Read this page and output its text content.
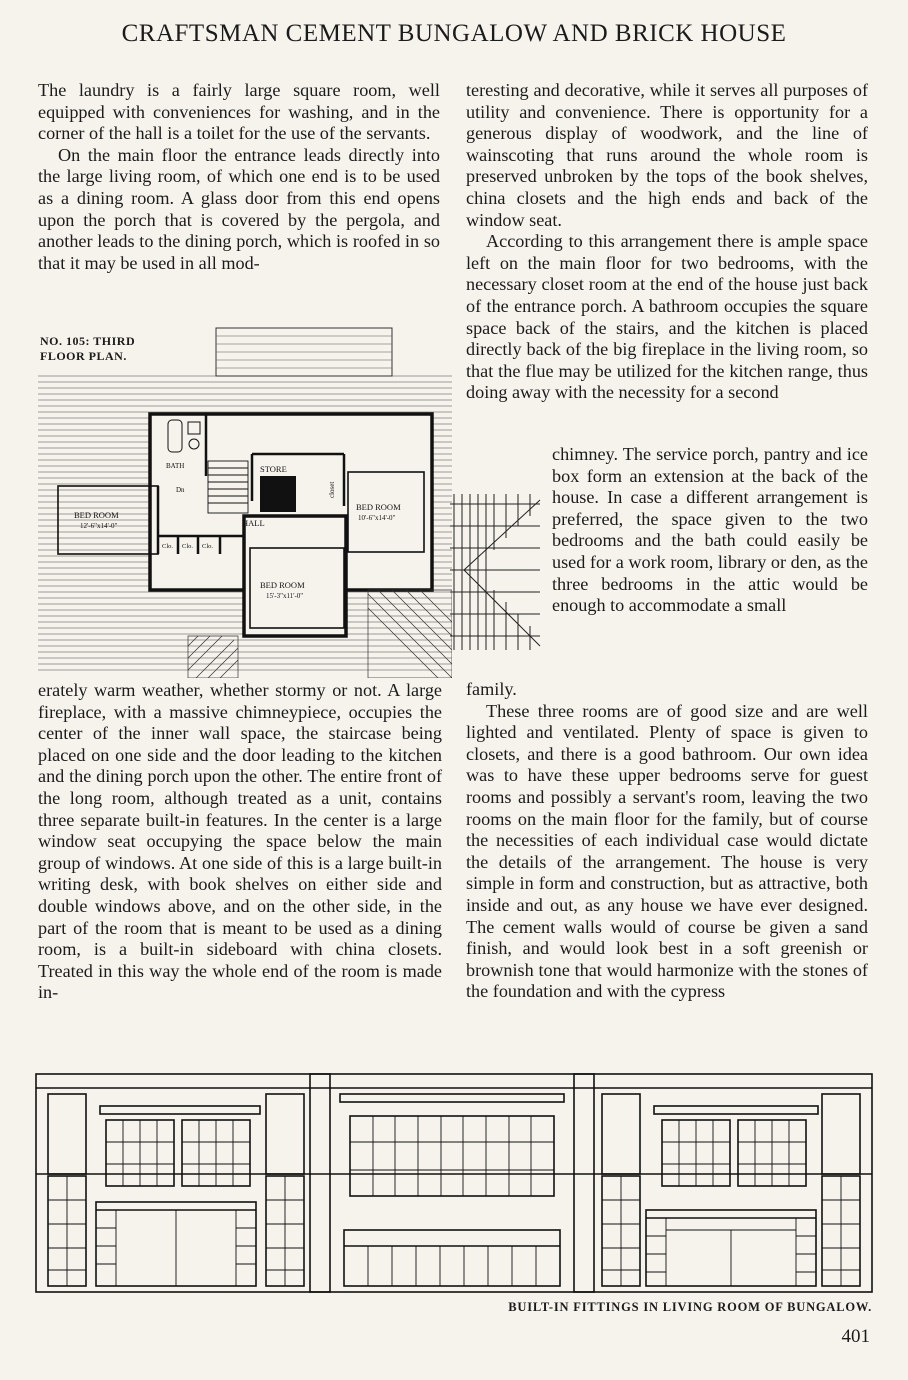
CRAFTSMAN CEMENT BUNGALOW AND BRICK HOUSE

The laundry is a fairly large square room, well equipped with conveniences for washing, and in the corner of the hall is a toilet for the use of the servants.

On the main floor the entrance leads directly into the large living room, of which one end is to be used as a dining room. A glass door from this end opens upon the porch that is covered by the pergola, and another leads to the dining porch, which is roofed in so that it may be used in all mod-

BED ROOM
12'-6"x14'-0"
BED ROOM
10'-6"x14'-0"
BED ROOM
15'-3"x11'-0"
HALL
STORE
closet
BATH
Clo. Clo. Clo.
Dn
NO. 105: THIRD
FLOOR PLAN.

erately warm weather, whether stormy or not. A large fireplace, with a massive chimneypiece, occupies the center of the inner wall space, the staircase being placed on one side and the door leading to the kitchen and the dining porch upon the other. The entire front of the long room, although treated as a unit, contains three separate built-in features. In the center is a large window seat occupying the space below the main group of windows. At one side of this is a large built-in writing desk, with book shelves on either side and double windows above, and on the other side, in the part of the room that is meant to be used as a dining room, is a built-in sideboard with china closets. Treated in this way the whole end of the room is made in-

teresting and decorative, while it serves all purposes of utility and convenience. There is opportunity for a generous display of woodwork, and the line of wainscoting that runs around the whole room is preserved unbroken by the tops of the book shelves, china closets and the high ends and back of the window seat.

According to this arrangement there is ample space left on the main floor for two bedrooms, with the necessary closet room at the end of the house just back of the entrance porch. A bathroom occupies the square space back of the stairs, and the kitchen is placed directly back of the big fireplace in the living room, so that the flue may be utilized for the kitchen range, thus doing away with the necessity for a second

chimney. The service porch, pantry and ice box form an extension at the back of the house. In case a different arrangement is preferred, the space given to the two bedrooms and the bath could easily be used for a work room, library or den, as the three bedrooms in the attic would be enough to accommodate a small

family.

These three rooms are of good size and are well lighted and ventilated. Plenty of space is given to closets, and there is a good bathroom. Our own idea was to have these upper bedrooms serve for guest rooms and possibly a servant's room, leaving the two rooms on the main floor for the family, but of course the necessities of each individual case would dictate the details of the arrangement. The house is very simple in form and construction, but as attractive, both inside and out, as any house we have ever designed. The cement walls would of course be given a sand finish, and would look best in a soft greenish or brownish tone that would harmonize with the stones of the foundation and with the cypress

BUILT-IN FITTINGS IN LIVING ROOM OF BUNGALOW.
401
